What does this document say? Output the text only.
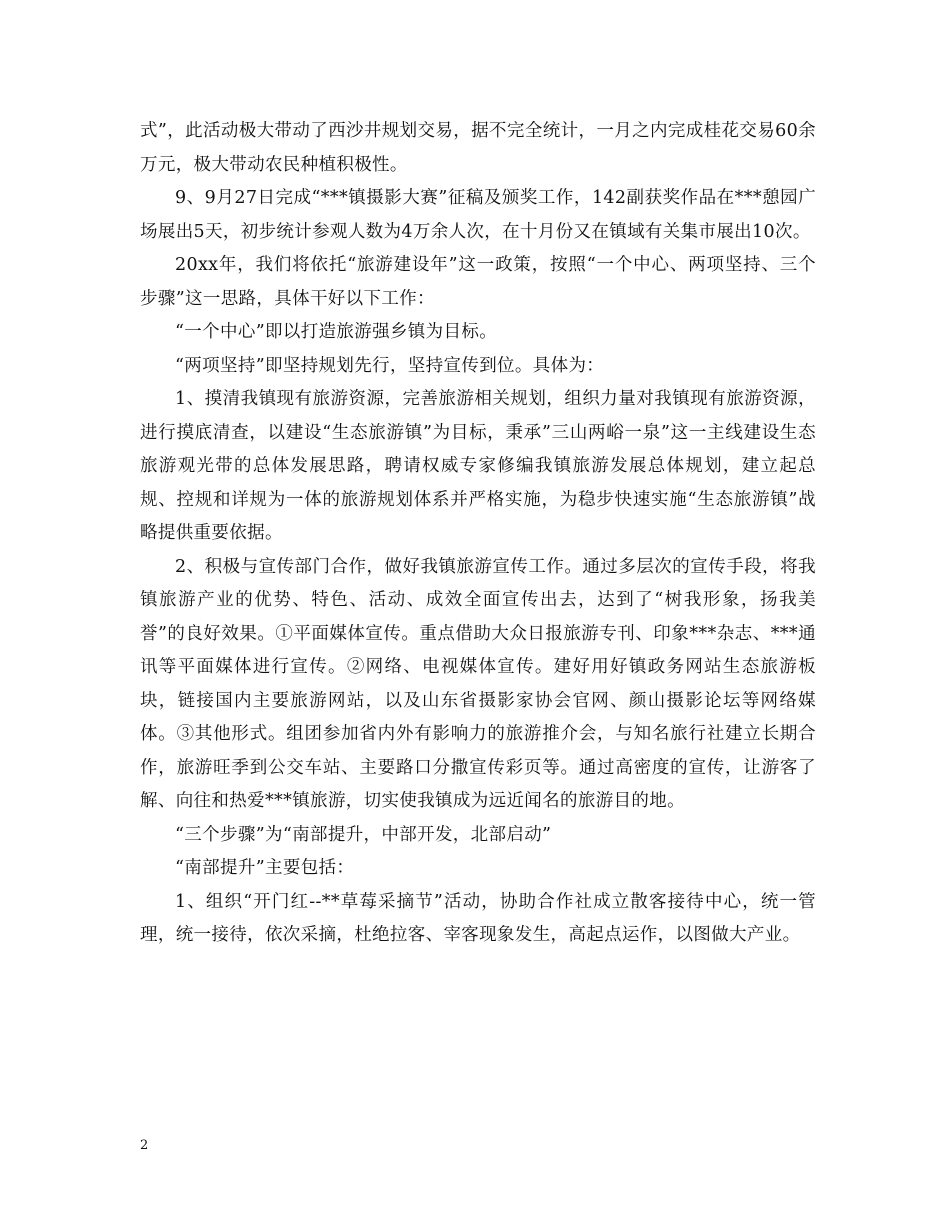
式”，此活动极大带动了西沙井规划交易，据不完全统计，一月之内完成桂花交易60余万元，极大带动农民种植积极性。

9、9月27日完成“***镇摄影大赛”征稿及颁奖工作，142副获奖作品在***憩园广场展出5天，初步统计参观人数为4万余人次，在十月份又在镇域有关集市展出10次。

20xx年，我们将依托“旅游建设年”这一政策，按照“一个中心、两项坚持、三个步骤”这一思路，具体干好以下工作：

“一个中心”即以打造旅游强乡镇为目标。

“两项坚持”即坚持规划先行，坚持宣传到位。具体为：

1、摸清我镇现有旅游资源，完善旅游相关规划，组织力量对我镇现有旅游资源，进行摸底清查，以建设“生态旅游镇”为目标，秉承”三山两峪一泉”这一主线建设生态旅游观光带的总体发展思路，聘请权威专家修编我镇旅游发展总体规划，建立起总规、控规和详规为一体的旅游规划体系并严格实施，为稳步快速实施“生态旅游镇”战略提供重要依据。

2、积极与宣传部门合作，做好我镇旅游宣传工作。通过多层次的宣传手段，将我镇旅游产业的优势、特色、活动、成效全面宣传出去，达到了“树我形象，扬我美誉”的良好效果。①平面媒体宣传。重点借助大众日报旅游专刊、印象***杂志、***通讯等平面媒体进行宣传。②网络、电视媒体宣传。建好用好镇政务网站生态旅游板块，链接国内主要旅游网站，以及山东省摄影家协会官网、颜山摄影论坛等网络媒体。③其他形式。组团参加省内外有影响力的旅游推介会，与知名旅行社建立长期合作，旅游旺季到公交车站、主要路口分撒宣传彩页等。通过高密度的宣传，让游客了解、向往和热爱***镇旅游，切实使我镇成为远近闻名的旅游目的地。

“三个步骤”为“南部提升，中部开发，北部启动”

“南部提升”主要包括：

1、组织“开门红--**草莓采摘节”活动，协助合作社成立散客接待中心，统一管理，统一接待，依次采摘，杜绝拉客、宰客现象发生，高起点运作，以图做大产业。

2
